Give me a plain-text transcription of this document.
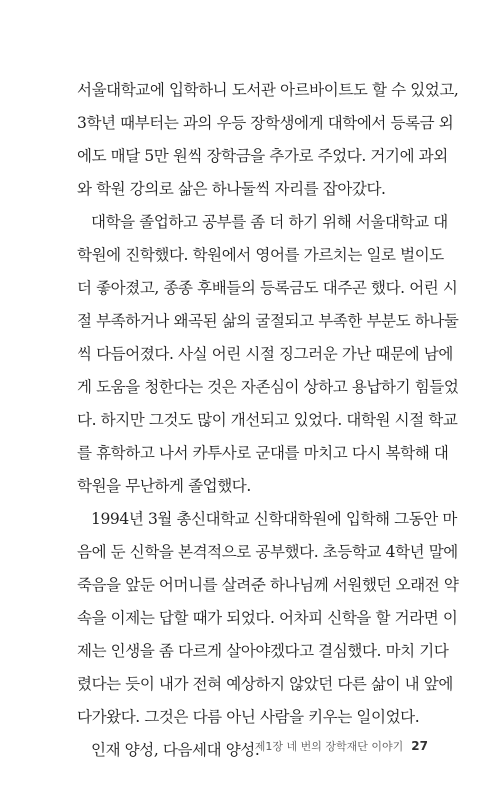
서울대학교에 입학하니 도서관 아르바이트도 할 수 있었고,
3학년 때부터는 과의 우등 장학생에게 대학에서 등록금 외
에도 매달 5만 원씩 장학금을 추가로 주었다. 거기에 과외
와 학원 강의로 삶은 하나둘씩 자리를 잡아갔다.
대학을 졸업하고 공부를 좀 더 하기 위해 서울대학교 대
학원에 진학했다. 학원에서 영어를 가르치는 일로 벌이도
더 좋아졌고, 종종 후배들의 등록금도 대주곤 했다. 어린 시
절 부족하거나 왜곡된 삶의 굴절되고 부족한 부분도 하나둘
씩 다듬어졌다. 사실 어린 시절 징그러운 가난 때문에 남에
게 도움을 청한다는 것은 자존심이 상하고 용납하기 힘들었
다. 하지만 그것도 많이 개선되고 있었다. 대학원 시절 학교
를 휴학하고 나서 카투사로 군대를 마치고 다시 복학해 대
학원을 무난하게 졸업했다.
1994년 3월 총신대학교 신학대학원에 입학해 그동안 마
음에 둔 신학을 본격적으로 공부했다. 초등학교 4학년 말에
죽음을 앞둔 어머니를 살려준 하나님께 서원했던 오래전 약
속을 이제는 답할 때가 되었다. 어차피 신학을 할 거라면 이
제는 인생을 좀 다르게 살아야겠다고 결심했다. 마치 기다
렸다는 듯이 내가 전혀 예상하지 않았던 다른 삶이 내 앞에
다가왔다. 그것은 다름 아닌 사람을 키우는 일이었다.
인재 양성, 다음세대 양성.
제1장 네 번의 장학재단 이야기 27
